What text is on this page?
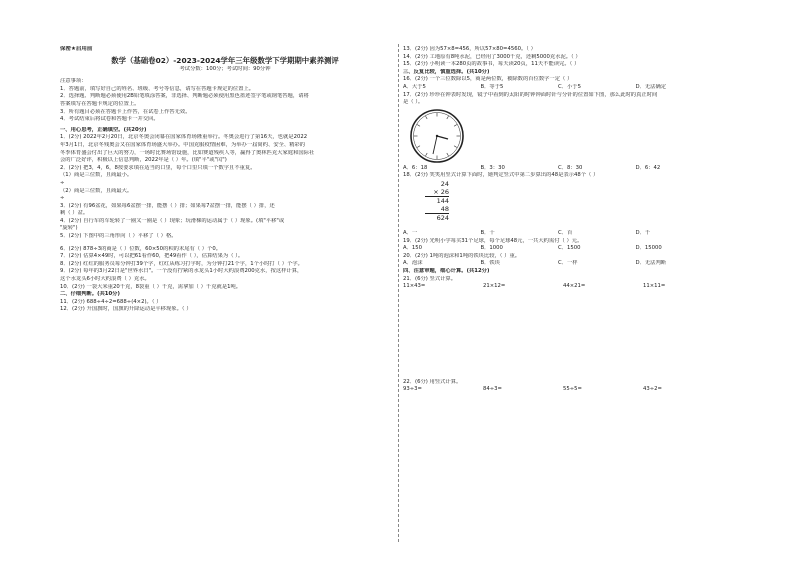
保密★启用前
数学（基础卷02）-2023-2024学年三年级数学下学期期中素养测评
考试分数：100分；考试时间：90分钟
注意事项：
1．答题前，填写好自己的姓名、班级、考号等信息，请写在答题卡规定的位置上。
2．选择题、判断题必须使用2B铅笔填涂答案，非选择、判断题必须使用黑色墨迹签字笔或钢笔答题，请将
答案填写在答题卡规定的位置上。
3．所有题目必须在答题卡上作答，在试卷上作答无效。
4．考试结束后将试卷和答题卡一并交回。
一、用心思考，正确填空。(共20分)
1．(2分) 2022年2月20日，北京冬奥会闭幕在国家体育场隆重举行。冬奥会进行了第16天，也就是2022
年3月1日，北京冬残奥会又在国家体育场盛大举办。中国克服疫情困难，为举办一届简约、安全、精彩的
冬季体育盛会付出了巨大的努力，一场时比赛场馆设施，比如赛道残疾人等，赢得了奥林匹克大家庭和国际社
会的广泛好评，积极以上信息判断，2022年是（ ）年。(填"平"或"闰")
2．(2分) 把3，4，6，8按要求填在适当的口里，每个口里只填一个数字且不重复。
（1）商是三位数，且商最小。
÷
（2）商是三位数，且商最大。
÷
3．(2分) 有96盆花，如果每6盆摆一排，能摆（ ）排；如果每7盆摆一排，能摆（ ）排，还
剩（ ）盆。
4．(2分) 自行车的车轮转了一圈又一圈是（ ）现象；玩滑梯的运动属于（ ）现象。(填"平移"或
"旋转")
5．(2分) 下图中的三角形向（ ）平移了（ ）格。
6．(2分) 878÷3的商是（ ）位数，60×50的积的末尾有（ ）个0。
7．(2分) 估算4×49时，可以把61看作60，把49看作（ ），估算结果为（ ）。
8．(2分) 红红的服务员每分钟打39个字，红红从练习打字时，为分钟打21个字，1个小时打（ ）个字。
9．(2分) 每年的3月22日是"世界水日"。一个没有拧紧的水龙头1小时大约浪费200克水，按这样计算，
这个水龙头6小时大约浪费（ ）克水。
10．(2分) 一袋大米重20千克，8袋重（ ）千克，需拿加（ ）千克就是1吨。
二、仔细判断。(共10分)
11．(2分) 688÷4÷2=688÷(4×2)。（ ）
12．(2分) 升国旗时，国旗的升降运动是平移现象。（ ）
13．(2分) 因为57×8=456，所以57×80=4560。（ ）
14．(2分) 工地原有8吨水泥，已经用了3000千克，还剩5000克水泥。（ ）
15．(2分) 小明读一本280页的故事书，每天读20页，11天不能读完。（ ）
三、反复比较，慎重选择。(共10分)
16．(2分) 一个三位数除以5，商是两位数，被除数的百位数字一定（ ）
A．大于5	B．等于5	C．小于5	D．无法确定
17．(2分) 珍珍在钟表时发现，镜子中看到的太阳的时钟钟面时针与分针的位置如下图，那么此时的真正时间
是（ ）。
A．6：18	B．3：30	C．8：30	D．6：42
18．(2分) 笑笑用竖式计算下面时，她判定竖式中第二步算出的48是表示48个（ ）
24
× 26
144
48
624
A．一	B．十	C．百	D．千
19．(2分) 光明小学每买31个足球，每个足球48元，一共大约需付（ ）元。
A．150	B．1000	C．1500	D．15000
20．(2分) 1吨的泡沫和1吨的铁块比较，（ ）重。
A．泡沫	B．铁块	C．一样	D．无法判断
四、注意审题，细心计算。(共12分)
21．(6分) 竖式计算。
11×43=	21×12=	44×21=	11×11=
22．(6分) 用竖式计算。
93÷3=	84÷3=	55÷5=	43÷2=
